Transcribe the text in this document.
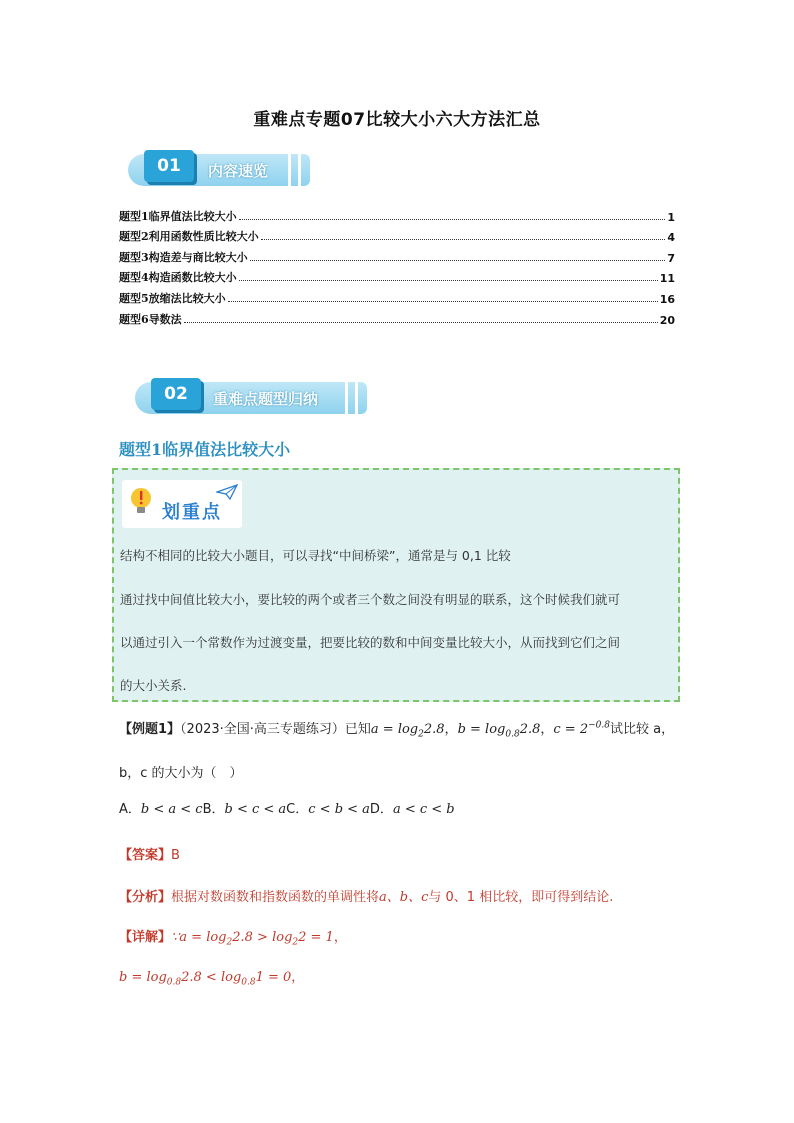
重难点专题07比较大小六大方法汇总
01	内容速览
题型1临界值法比较大小	1
题型2利用函数性质比较大小	4
题型3构造差与商比较大小	7
题型4构造函数比较大小	11
题型5放缩法比较大小	16
题型6导数法	20
02	重难点题型归纳
题型1临界值法比较大小
划重点
结构不相同的比较大小题目，可以寻找“中间桥梁”，通常是与 0,1 比较
通过找中间值比较大小，要比较的两个或者三个数之间没有明显的联系，这个时候我们就可
以通过引入一个常数作为过渡变量，把要比较的数和中间变量比较大小，从而找到它们之间
的大小关系.
【例题1】（2023·全国·高三专题练习）已知$a = \log_22.8$，$b = \log_{0.8}2.8$，$c = 2^{-0.8}$试比较 a，
b，c 的大小为（　）
A．b < a < cB．b < c < aC．c < b < aD．a < c < b
【答案】B
【分析】根据对数函数和指数函数的单调性将a、b、c与 0、1 相比较，即可得到结论.
【详解】∵a = $\log_22.8 > \log_22 = 1$，
$b = \log_{0.8}2.8 < \log_{0.8}1 = 0$，
